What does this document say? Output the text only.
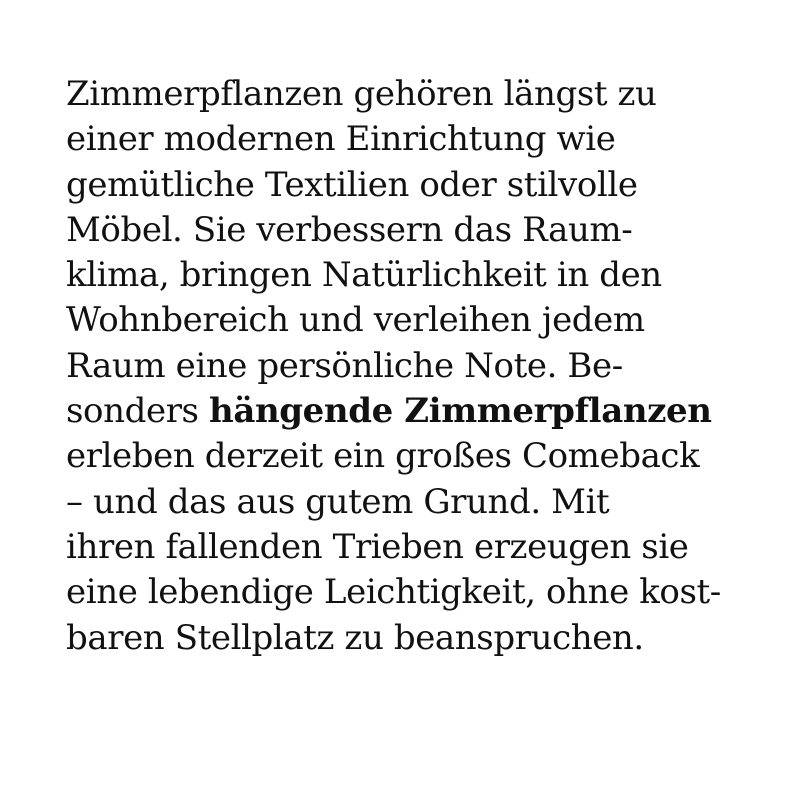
Zimmerpflanzen gehören längst zu
einer modernen Einrichtung wie
gemütliche Textilien oder stilvolle
Möbel. Sie verbessern das Raum-
klima, bringen Natürlichkeit in den
Wohnbereich und verleihen jedem
Raum eine persönliche Note. Be-
sonders hängende Zimmerpflanzen
erleben derzeit ein großes Comeback
– und das aus gutem Grund. Mit
ihren fallenden Trieben erzeugen sie
eine lebendige Leichtigkeit, ohne kost-
baren Stellplatz zu beanspruchen.
